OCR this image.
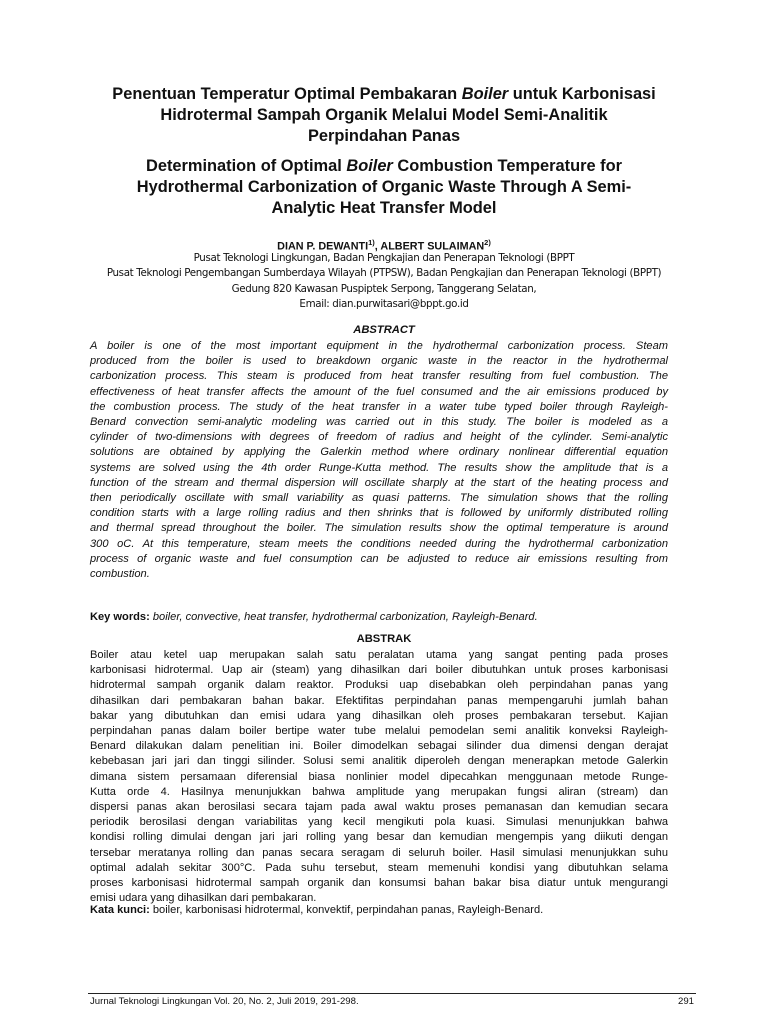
Penentuan Temperatur Optimal Pembakaran Boiler untuk Karbonisasi
Hidrotermal Sampah Organik Melalui Model Semi-Analitik
Perpindahan Panas
Determination of Optimal Boiler Combustion Temperature for
Hydrothermal Carbonization of Organic Waste Through A Semi-
Analytic Heat Transfer Model
DIAN P. DEWANTI$^{1)}$, ALBERT SULAIMAN$^{2)}$
Pusat Teknologi Lingkungan, Badan Pengkajian dan Penerapan Teknologi (BPPT
Pusat Teknologi Pengembangan Sumberdaya Wilayah (PTPSW), Badan Pengkajian dan Penerapan Teknologi (BPPT)
Gedung 820 Kawasan Puspiptek Serpong, Tanggerang Selatan,
Email: dian.purwitasari@bppt.go.id
ABSTRACT
A boiler is one of the most important equipment in the hydrothermal carbonization process. Steam
produced from the boiler is used to breakdown organic waste in the reactor in the hydrothermal
carbonization process. This steam is produced from heat transfer resulting from fuel combustion. The
effectiveness of heat transfer affects the amount of the fuel consumed and the air emissions produced by
the combustion process. The study of the heat transfer in a water tube typed boiler through Rayleigh-
Benard convection semi-analytic modeling was carried out in this study. The boiler is modeled as a
cylinder of two-dimensions with degrees of freedom of radius and height of the cylinder. Semi-analytic
solutions are obtained by applying the Galerkin method where ordinary nonlinear differential equation
systems are solved using the 4th order Runge-Kutta method. The results show the amplitude that is a
function of the stream and thermal dispersion will oscillate sharply at the start of the heating process and
then periodically oscillate with small variability as quasi patterns. The simulation shows that the rolling
condition starts with a large rolling radius and then shrinks that is followed by uniformly distributed rolling
and thermal spread throughout the boiler. The simulation results show the optimal temperature is around
300 oC. At this temperature, steam meets the conditions needed during the hydrothermal carbonization
process of organic waste and fuel consumption can be adjusted to reduce air emissions resulting from
combustion.
Key words: boiler, convective, heat transfer, hydrothermal carbonization, Rayleigh-Benard.
ABSTRAK
Boiler atau ketel uap merupakan salah satu peralatan utama yang sangat penting pada proses
karbonisasi hidrotermal. Uap air (steam) yang dihasilkan dari boiler dibutuhkan untuk proses karbonisasi
hidrotermal sampah organik dalam reaktor. Produksi uap disebabkan oleh perpindahan panas yang
dihasilkan dari pembakaran bahan bakar. Efektifitas perpindahan panas mempengaruhi jumlah bahan
bakar yang dibutuhkan dan emisi udara yang dihasilkan oleh proses pembakaran tersebut. Kajian
perpindahan panas dalam boiler bertipe water tube melalui pemodelan semi analitik konveksi Rayleigh-
Benard dilakukan dalam penelitian ini. Boiler dimodelkan sebagai silinder dua dimensi dengan derajat
kebebasan jari jari dan tinggi silinder. Solusi semi analitik diperoleh dengan menerapkan metode Galerkin
dimana sistem persamaan diferensial biasa nonlinier model dipecahkan menggunaan metode Runge-
Kutta orde 4. Hasilnya menunjukkan bahwa amplitude yang merupakan fungsi aliran (stream) dan
dispersi panas akan berosilasi secara tajam pada awal waktu proses pemanasan dan kemudian secara
periodik berosilasi dengan variabilitas yang kecil mengikuti pola kuasi. Simulasi menunjukkan bahwa
kondisi rolling dimulai dengan jari jari rolling yang besar dan kemudian mengempis yang diikuti dengan
tersebar meratanya rolling dan panas secara seragam di seluruh boiler. Hasil simulasi menunjukkan suhu
optimal adalah sekitar 300°C. Pada suhu tersebut, steam memenuhi kondisi yang dibutuhkan selama
proses karbonisasi hidrotermal sampah organik dan konsumsi bahan bakar bisa diatur untuk mengurangi
emisi udara yang dihasilkan dari pembakaran.
Kata kunci: boiler, karbonisasi hidrotermal, konvektif, perpindahan panas, Rayleigh-Benard.
Jurnal Teknologi Lingkungan Vol. 20, No. 2, Juli 2019, 291-298.	291
